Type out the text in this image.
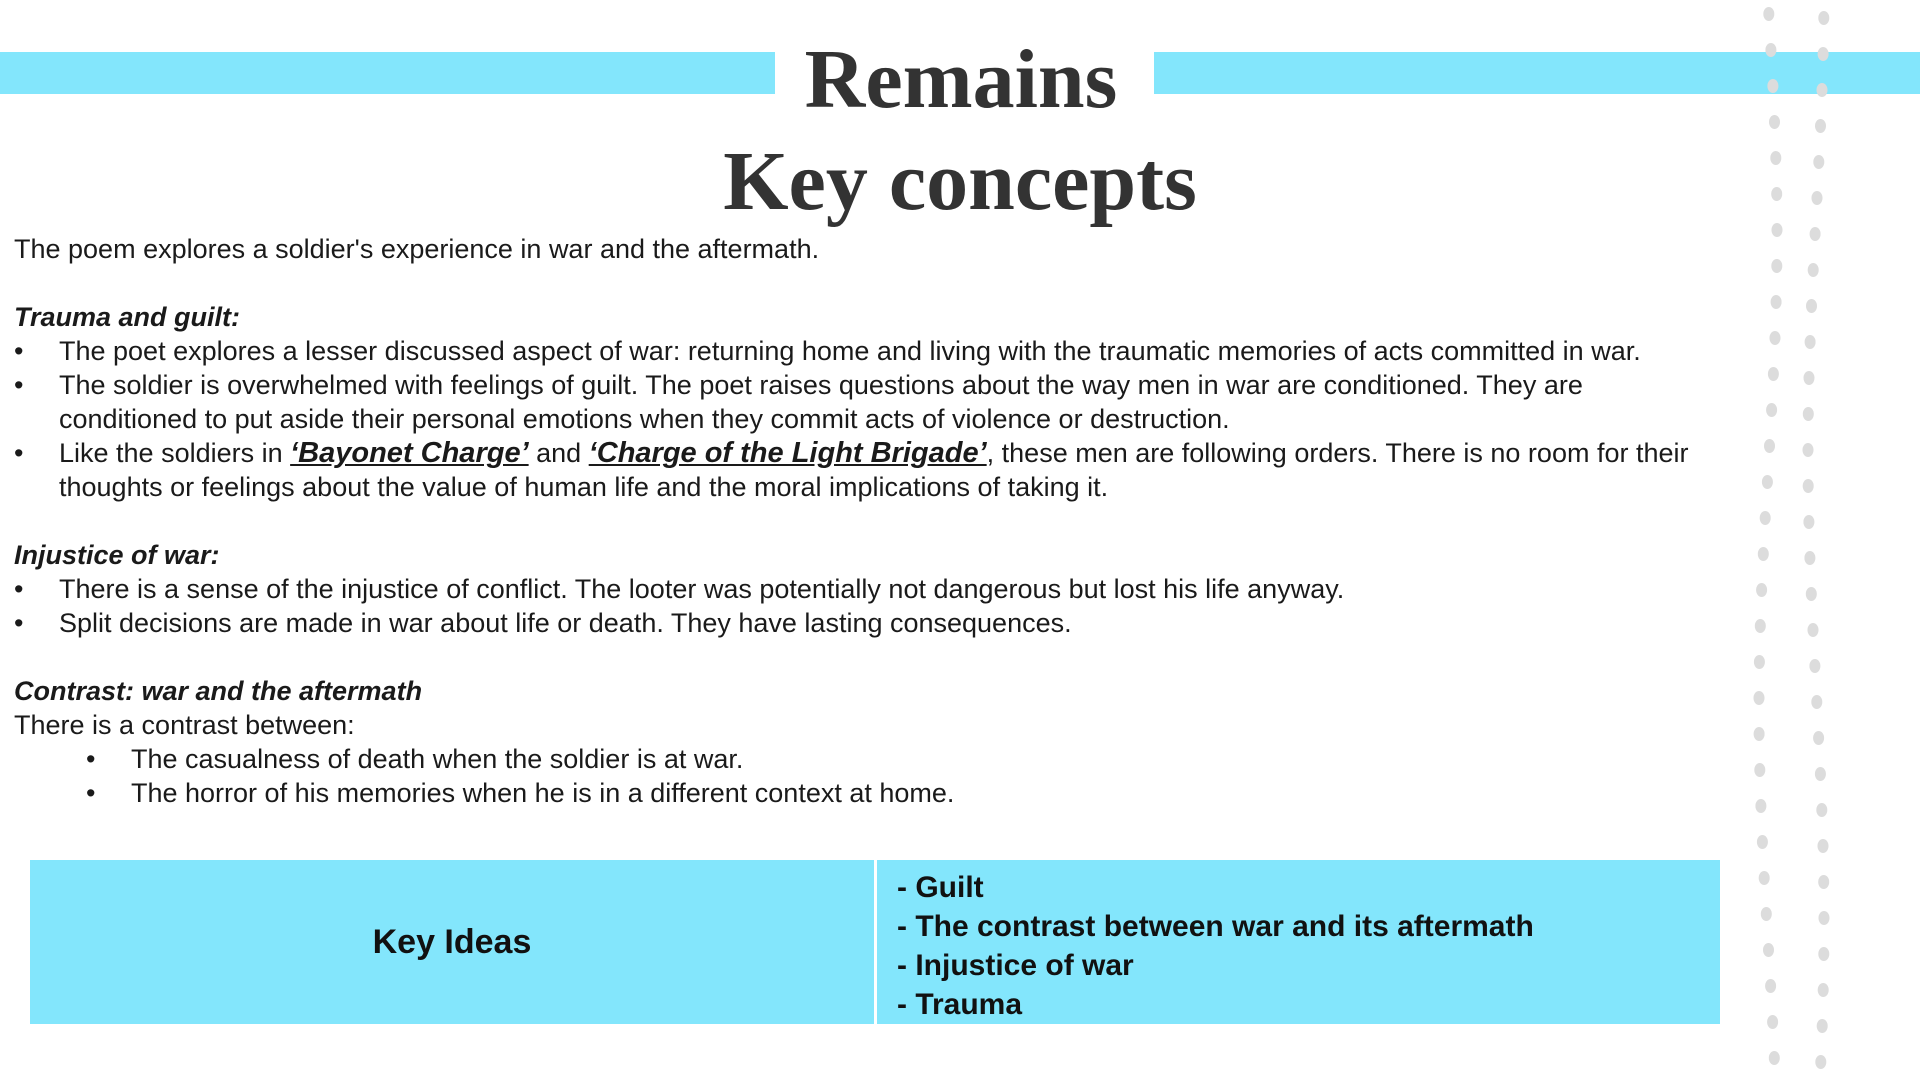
Remains
Key concepts

The poem explores a soldier's experience in war and the aftermath.

Trauma and guilt:

• The poet explores a lesser discussed aspect of war: returning home and living with the traumatic memories of acts committed in war.
• The soldier is overwhelmed with feelings of guilt. The poet raises questions about the way men in war are conditioned. They are conditioned to put aside their personal emotions when they commit acts of violence or destruction.
• Like the soldiers in ‘Bayonet Charge’ and ‘Charge of the Light Brigade’, these men are following orders. There is no room for their thoughts or feelings about the value of human life and the moral implications of taking it.

Injustice of war:

• There is a sense of the injustice of conflict. The looter was potentially not dangerous but lost his life anyway.
• Split decisions are made in war about life or death. They have lasting consequences.

Contrast: war and the aftermath

There is a contrast between:

• The casualness of death when the soldier is at war.
• The horror of his memories when he is in a different context at home.
Key Ideas
- Guilt
- The contrast between war and its aftermath
- Injustice of war
- Trauma
